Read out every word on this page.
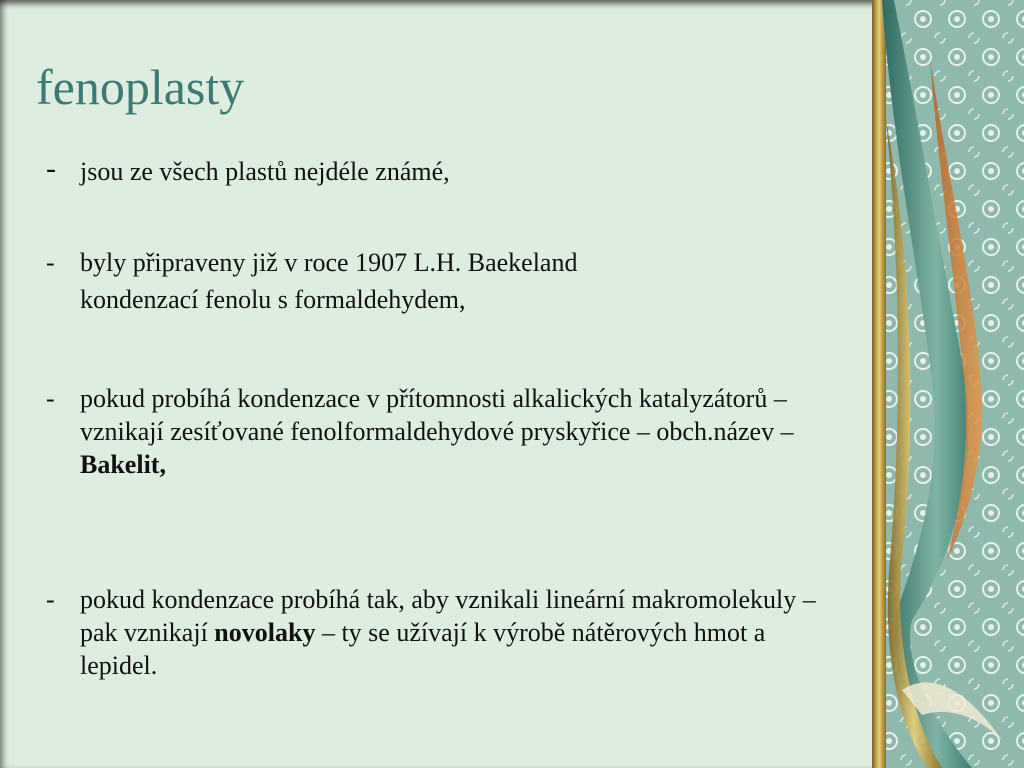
fenoplasty
- jsou ze všech plastů nejdéle známé,
- byly připraveny již v roce 1907 L.H. Baekeland
kondenzací fenolu s formaldehydem,
- pokud probíhá kondenzace v přítomnosti alkalických katalyzátorů – vznikají zesíťované fenolformaldehydové pryskyřice – obch.název – Bakelit,
- pokud kondenzace probíhá tak, aby vznikali lineární makromolekuly – pak vznikají novolaky – ty se užívají k výrobě nátěrových hmot a lepidel.
